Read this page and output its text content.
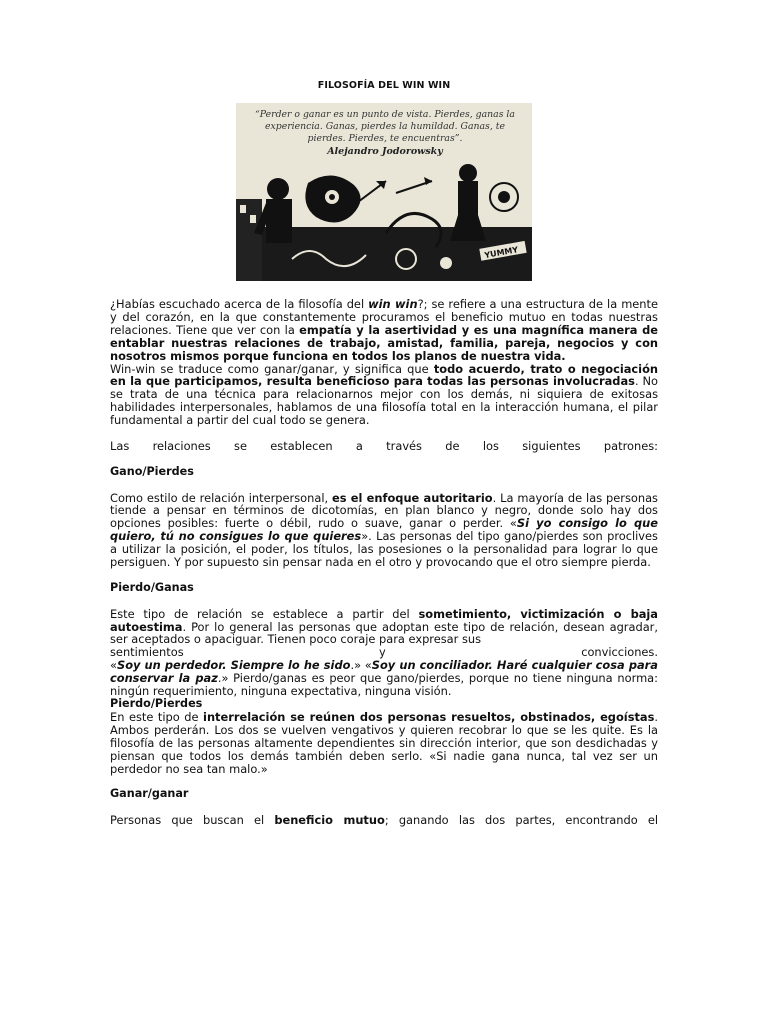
FILOSOFÍA DEL WIN WIN
“Perder o ganar es un punto de vista. Pierdes, ganas la experiencia. Ganas, pierdes la humildad. Ganas, te pierdes. Pierdes, te encuentras”.
Alejandro Jodorowsky
YUMMY

¿Habías escuchado acerca de la filosofía del win win?; se refiere a una estructura de la mente y del corazón, en la que constantemente procuramos el beneficio mutuo en todas nuestras relaciones. Tiene que ver con la empatía y la asertividad y es una magnífica manera de entablar nuestras relaciones de trabajo, amistad, familia, pareja, negocios y con nosotros mismos porque funciona en todos los planos de nuestra vida.
Win-win se traduce como ganar/ganar, y significa que todo acuerdo, trato o negociación en la que participamos, resulta beneficioso para todas las personas involucradas. No se trata de una técnica para relacionarnos mejor con los demás, ni siquiera de exitosas habilidades interpersonales, hablamos de una filosofía total en la interacción humana, el pilar fundamental a partir del cual todo se genera.

Las relaciones se establecen a través de los siguientes patrones:

Gano/Pierdes

Como estilo de relación interpersonal, es el enfoque autoritario. La mayoría de las personas tiende a pensar en términos de dicotomías, en plan blanco y negro, donde solo hay dos opciones posibles: fuerte o débil, rudo o suave, ganar o perder. «Si yo consigo lo que quiero, tú no consigues lo que quieres». Las personas del tipo gano/pierdes son proclives a utilizar la posición, el poder, los títulos, las posesiones o la personalidad para lograr lo que persiguen. Y por supuesto sin pensar nada en el otro y provocando que el otro siempre pierda.

Pierdo/Ganas

Este tipo de relación se establece a partir del sometimiento, victimización o baja autoestima. Por lo general las personas que adoptan este tipo de relación, desean agradar, ser aceptados o apaciguar. Tienen poco coraje para expresar sus

sentimientos	y	convicciones.

«Soy un perdedor. Siempre lo he sido.» «Soy un conciliador. Haré cualquier cosa para conservar la paz.» Pierdo/ganas es peor que gano/pierdes, porque no tiene ninguna norma: ningún requerimiento, ninguna expectativa, ninguna visión.

Pierdo/Pierdes

En este tipo de interrelación se reúnen dos personas resueltos, obstinados, egoístas. Ambos perderán. Los dos se vuelven vengativos y quieren recobrar lo que se les quite. Es la filosofía de las personas altamente dependientes sin dirección interior, que son desdichadas y piensan que todos los demás también deben serlo. «Si nadie gana nunca, tal vez ser un perdedor no sea tan malo.»

Ganar/ganar

Personas que buscan el beneficio mutuo; ganando las dos partes, encontrando el
